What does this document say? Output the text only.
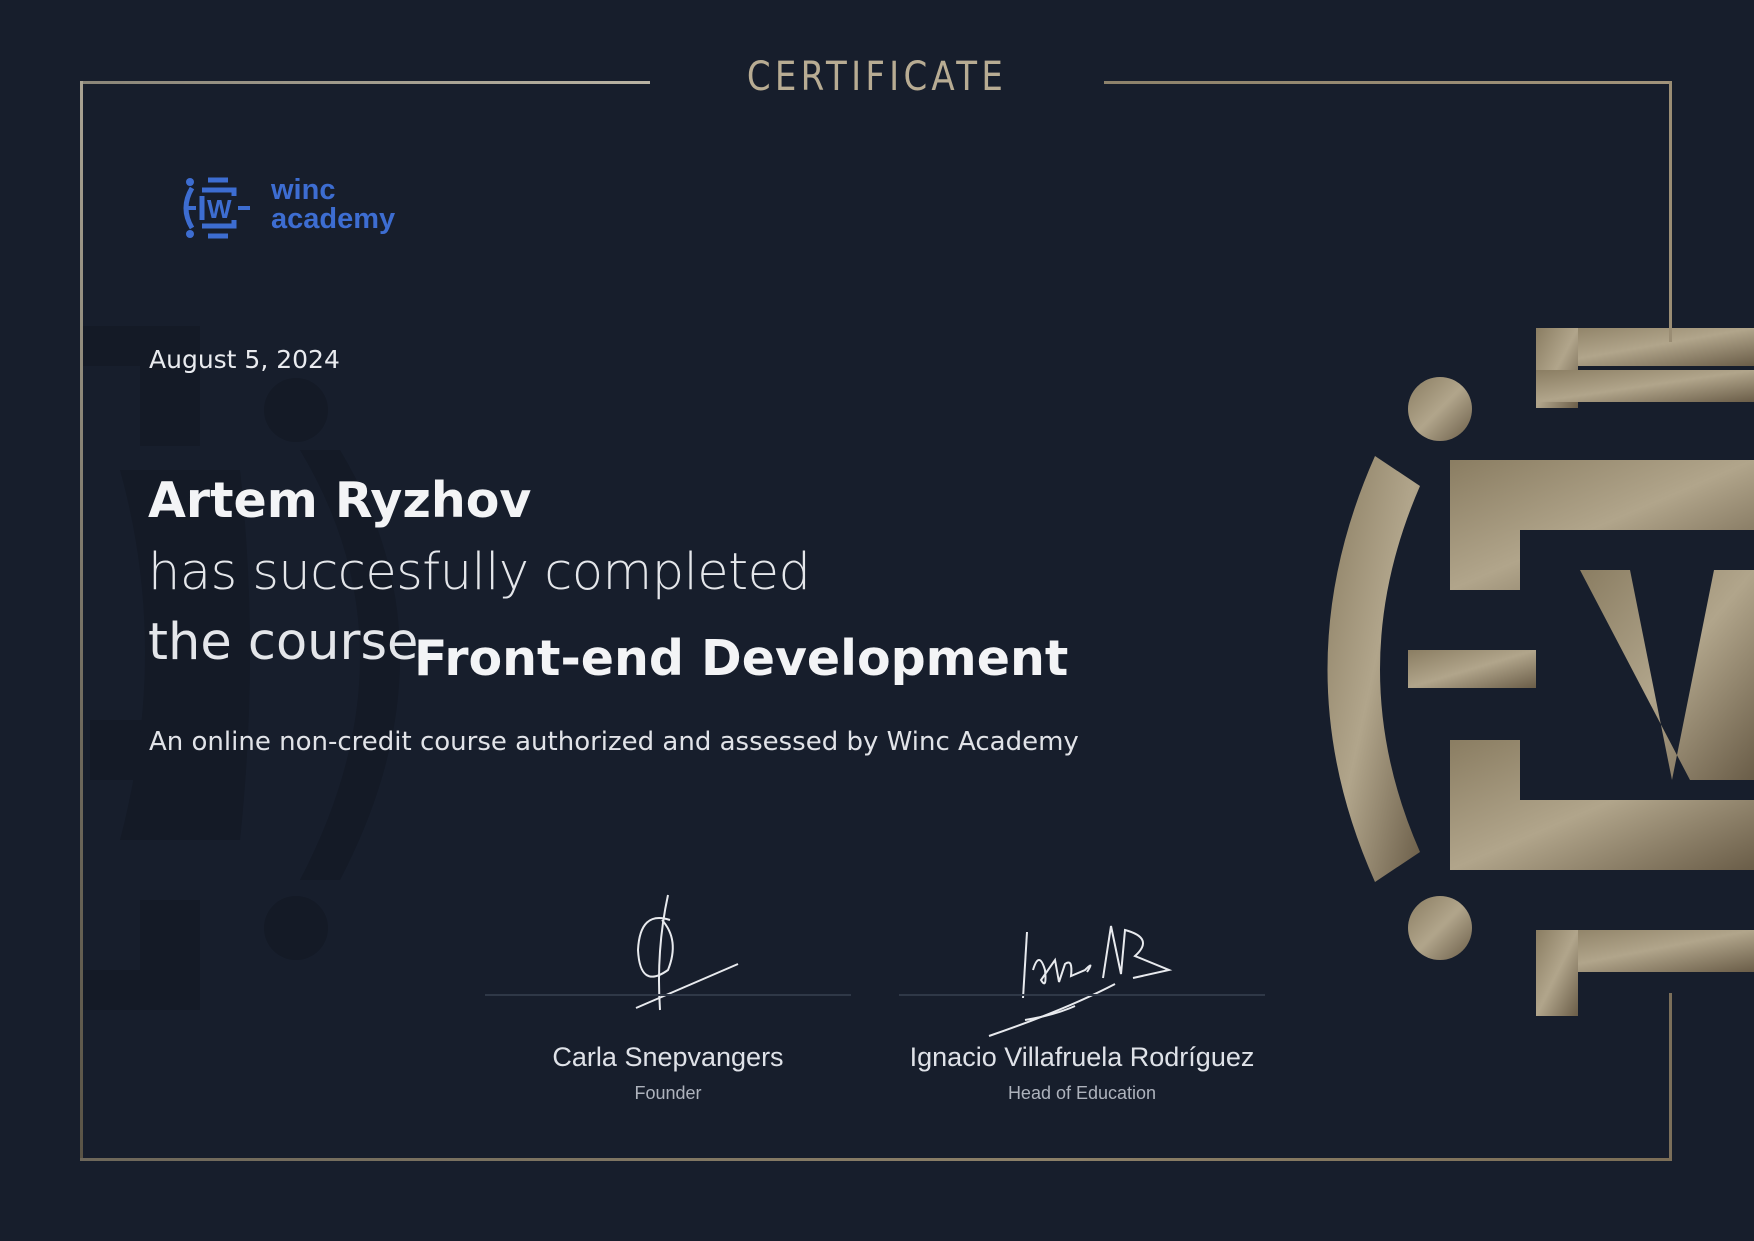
CERTIFICATE
W
winc
academy
August 5, 2024
Artem Ryzhov
has succesfully completed
the course
Front-end Development
An online non-credit course authorized and assessed by Winc Academy
Carla Snepvangers
Founder
Ignacio Villafruela Rodríguez
Head of Education
